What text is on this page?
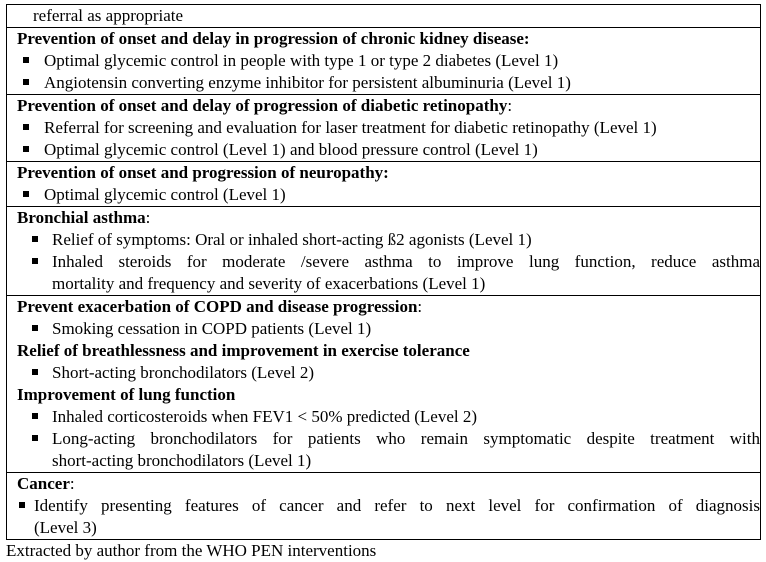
referral as appropriate

Prevention of onset and delay in progression of chronic kidney disease:
Optimal glycemic control in people with type 1 or type 2 diabetes (Level 1)
Angiotensin converting enzyme inhibitor for persistent albuminuria (Level 1)

Prevention of onset and delay of progression of diabetic retinopathy:
Referral for screening and evaluation for laser treatment for diabetic retinopathy (Level 1)
Optimal glycemic control (Level 1) and blood pressure control (Level 1)

Prevention of onset and progression of neuropathy:
Optimal glycemic control (Level 1)

Bronchial asthma:
Relief of symptoms: Oral or inhaled short-acting ß2 agonists (Level 1)
Inhaled steroids for moderate /severe asthma to improve lung function, reduce asthma
mortality and frequency and severity of exacerbations (Level 1)

Prevent exacerbation of COPD and disease progression:
Smoking cessation in COPD patients (Level 1)
Relief of breathlessness and improvement in exercise tolerance
Short-acting bronchodilators (Level 2)
Improvement of lung function
Inhaled corticosteroids when FEV1 < 50% predicted (Level 2)
Long-acting bronchodilators for patients who remain symptomatic despite treatment with
short-acting bronchodilators (Level 1)

Cancer:
Identify presenting features of cancer and refer to next level for confirmation of diagnosis
(Level 3)
Extracted by author from the WHO PEN interventions
